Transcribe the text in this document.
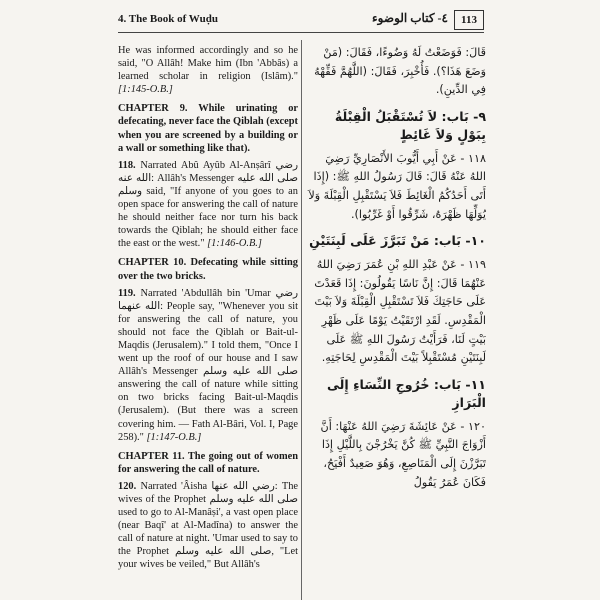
4. The Book of Wuḍu	٤- كتاب الوضوء	113

He was informed accordingly and so he said, "O Allâh! Make him (Ibn 'Abbâs) a learned scholar in religion (Islâm)." [1:145-O.B.]

CHAPTER 9. While urinating or defecating, never face the Qiblah (except when you are screened by a building or a wall or something like that).

118. Narrated Abû Ayûb Al-Anṣârî رضي الله عنه: Allâh's Messenger صلى الله عليه وسلم said, "If anyone of you goes to an open space for answering the call of nature he should neither face nor turn his back towards the Qiblah; he should either face the east or the west." [1:146-O.B.]

CHAPTER 10. Defecating while sitting over the two bricks.

119. Narrated 'Abdullâh bin 'Umar رضي الله عنهما: People say, "Whenever you sit for answering the call of nature, you should not face the Qiblah or Bait-ul-Maqdis (Jerusalem)." I told them, "Once I went up the roof of our house and I saw Allâh's Messenger صلى الله عليه وسلم answering the call of nature while sitting on two bricks facing Bait-ul-Maqdis (Jerusalem). (But there was a screen covering him. — Fath Al-Bâri, Vol. I, Page 258)." [1:147-O.B.]

CHAPTER 11. The going out of women for answering the call of nature.

120. Narrated 'Âisha رضي الله عنها: The wives of the Prophet صلى الله عليه وسلم used to go to Al-Manâṣi', a vast open place (near Baqî' at Al-Madîna) to answer the call of nature at night. 'Umar used to say to the Prophet صلى الله عليه وسلم, "Let your wives be veiled," But Allâh's

قَالَ: فَوَضَعْتُ لَهُ وَضُوءًا، فَقَالَ: (مَنْ وَضَعَ هَذَا؟). فَأُخْبِرَ، فَقَالَ: (اللَّهُمَّ فَقِّهْهُ فِي الدِّينِ).

٩- بَاب: لاَ تُسْتَقْبَلُ الْقِبْلَةُ بِبَوْلٍ وَلاَ غَائِطٍ

١١٨ - عَنْ أَبِي أَيُّوبَ الأَنْصَارِيِّ رَضِيَ اللهُ عَنْهُ قَالَ: قَالَ رَسُولُ اللهِ ﷺ: (إِذَا أَتَى أَحَدُكُمُ الْغَائِطَ فَلاَ يَسْتَقْبِلِ الْقِبْلَةَ وَلاَ يُوَلِّهَا ظَهْرَهُ، شَرِّقُوا أَوْ غَرِّبُوا).

١٠- بَاب: مَنْ تَبَرَّزَ عَلَى لَبِنَتَيْنِ

١١٩ - عَنْ عَبْدِ اللهِ بْنِ عُمَرَ رَضِيَ اللهُ عَنْهُمَا قَالَ: إِنَّ نَاسًا يَقُولُونَ: إِذَا قَعَدْتَ عَلَى حَاجَتِكَ فَلاَ تَسْتَقْبِلِ الْقِبْلَةَ وَلاَ بَيْتَ الْمَقْدِسِ. لَقَدِ ارْتَقَيْتُ يَوْمًا عَلَى ظَهْرِ بَيْتٍ لَنَا، فَرَأَيْتُ رَسُولَ اللهِ ﷺ عَلَى لَبِنَتَيْنِ مُسْتَقْبِلاً بَيْتَ الْمَقْدِسِ لِحَاجَتِهِ.

١١- بَاب: خُرُوجِ النِّسَاءِ إِلَى الْبَرَازِ

١٢٠ - عَنْ عَائِشَةَ رَضِيَ اللهُ عَنْهَا: أَنَّ أَزْوَاجَ النَّبِيِّ ﷺ كُنَّ يَخْرُجْنَ بِاللَّيْلِ إِذَا تَبَرَّزْنَ إِلَى الْمَنَاصِعِ، وَهُوَ صَعِيدٌ أَفْيَحُ، فَكَانَ عُمَرُ يَقُولُ
